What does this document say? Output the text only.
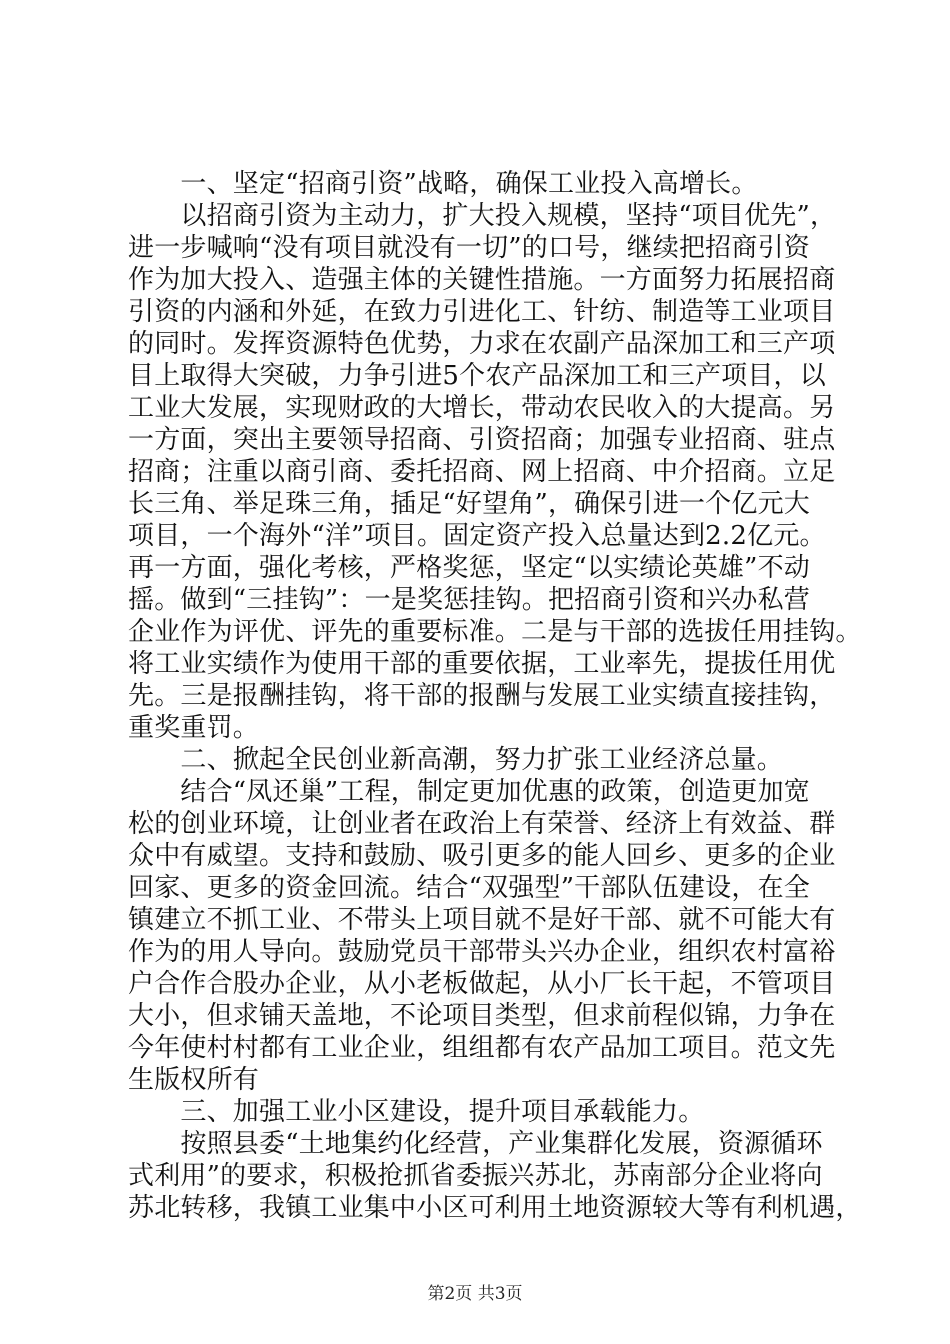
　　一、坚定“招商引资”战略，确保工业投入高增长。
　　以招商引资为主动力，扩大投入规模，坚持“项目优先”，
进一步喊响“没有项目就没有一切”的口号，继续把招商引资
作为加大投入、造强主体的关键性措施。一方面努力拓展招商
引资的内涵和外延，在致力引进化工、针纺、制造等工业项目
的同时。发挥资源特色优势，力求在农副产品深加工和三产项
目上取得大突破，力争引进5个农产品深加工和三产项目，以
工业大发展，实现财政的大增长，带动农民收入的大提高。另
一方面，突出主要领导招商、引资招商；加强专业招商、驻点
招商；注重以商引商、委托招商、网上招商、中介招商。立足
长三角、举足珠三角，插足“好望角”，确保引进一个亿元大
项目，一个海外“洋”项目。固定资产投入总量达到2.2亿元。
再一方面，强化考核，严格奖惩，坚定“以实绩论英雄”不动
摇。做到“三挂钩”：一是奖惩挂钩。把招商引资和兴办私营
企业作为评优、评先的重要标准。二是与干部的选拔任用挂钩。
将工业实绩作为使用干部的重要依据，工业率先，提拔任用优
先。三是报酬挂钩，将干部的报酬与发展工业实绩直接挂钩，
重奖重罚。
　　二、掀起全民创业新高潮，努力扩张工业经济总量。
　　结合“凤还巢”工程，制定更加优惠的政策，创造更加宽
松的创业环境，让创业者在政治上有荣誉、经济上有效益、群
众中有威望。支持和鼓励、吸引更多的能人回乡、更多的企业
回家、更多的资金回流。结合“双强型”干部队伍建设，在全
镇建立不抓工业、不带头上项目就不是好干部、就不可能大有
作为的用人导向。鼓励党员干部带头兴办企业，组织农村富裕
户合作合股办企业，从小老板做起，从小厂长干起，不管项目
大小，但求铺天盖地，不论项目类型，但求前程似锦，力争在
今年使村村都有工业企业，组组都有农产品加工项目。范文先
生版权所有
　　三、加强工业小区建设，提升项目承载能力。
　　按照县委“土地集约化经营，产业集群化发展，资源循环
式利用”的要求，积极抢抓省委振兴苏北，苏南部分企业将向
苏北转移，我镇工业集中小区可利用土地资源较大等有利机遇，
第2页 共3页
